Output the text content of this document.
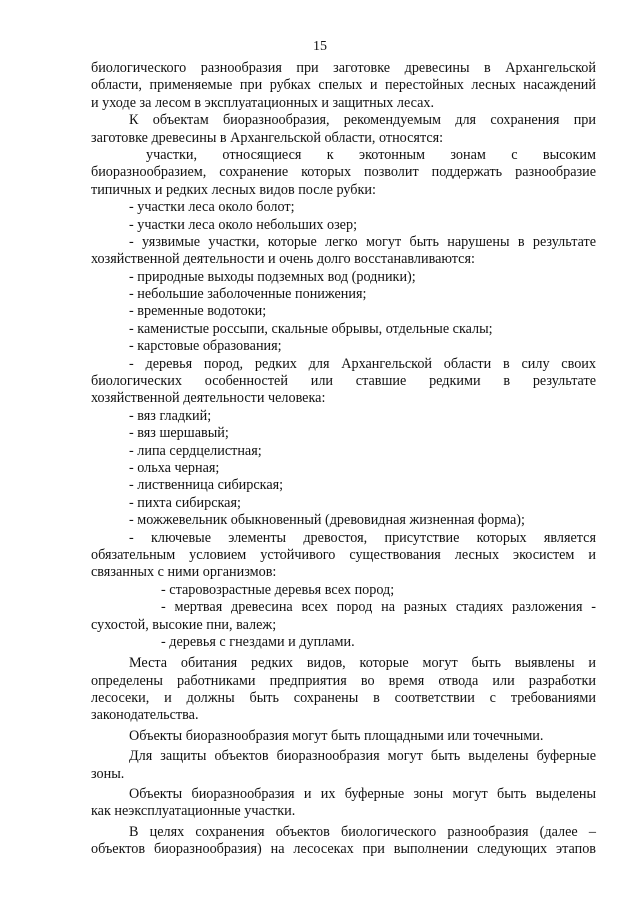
15
биологического разнообразия при заготовке древесины в Архангельской
области, применяемые при рубках спелых и перестойных лесных насаждений
и уходе за лесом в эксплуатационных и защитных лесах.
К объектам биоразнообразия, рекомендуемым для сохранения при
заготовке древесины в Архангельской области, относятся:
участки, относящиеся к экотонным зонам с высоким
биоразнообразием, сохранение которых позволит поддержать разнообразие
типичных и редких лесных видов после рубки:
- участки леса около болот;
- участки леса около небольших озер;
- уязвимые участки, которые легко могут быть нарушены в результате
хозяйственной деятельности и очень долго восстанавливаются:
- природные выходы подземных вод (родники);
- небольшие заболоченные понижения;
- временные водотоки;
- каменистые россыпи, скальные обрывы, отдельные скалы;
- карстовые образования;
- деревья пород, редких для Архангельской области в силу своих
биологических особенностей или ставшие редкими в результате
хозяйственной деятельности человека:
- вяз гладкий;
- вяз шершавый;
- липа сердцелистная;
- ольха черная;
- лиственница сибирская;
- пихта сибирская;
- можжевельник обыкновенный (древовидная жизненная форма);
- ключевые элементы древостоя, присутствие которых является
обязательным условием устойчивого существования лесных экосистем и
связанных с ними организмов:
- старовозрастные деревья всех пород;
- мертвая древесина всех пород на разных стадиях разложения -
сухостой, высокие пни, валеж;
- деревья с гнездами и дуплами.
Места обитания редких видов, которые могут быть выявлены и
определены работниками предприятия во время отвода или разработки
лесосеки, и должны быть сохранены в соответствии с требованиями
законодательства.
Объекты биоразнообразия могут быть площадными или точечными.
Для защиты объектов биоразнообразия могут быть выделены буферные
зоны.
Объекты биоразнообразия и их буферные зоны могут быть выделены
как неэксплуатационные участки.
В целях сохранения объектов биологического разнообразия (далее –
объектов биоразнообразия) на лесосеках при выполнении следующих этапов
